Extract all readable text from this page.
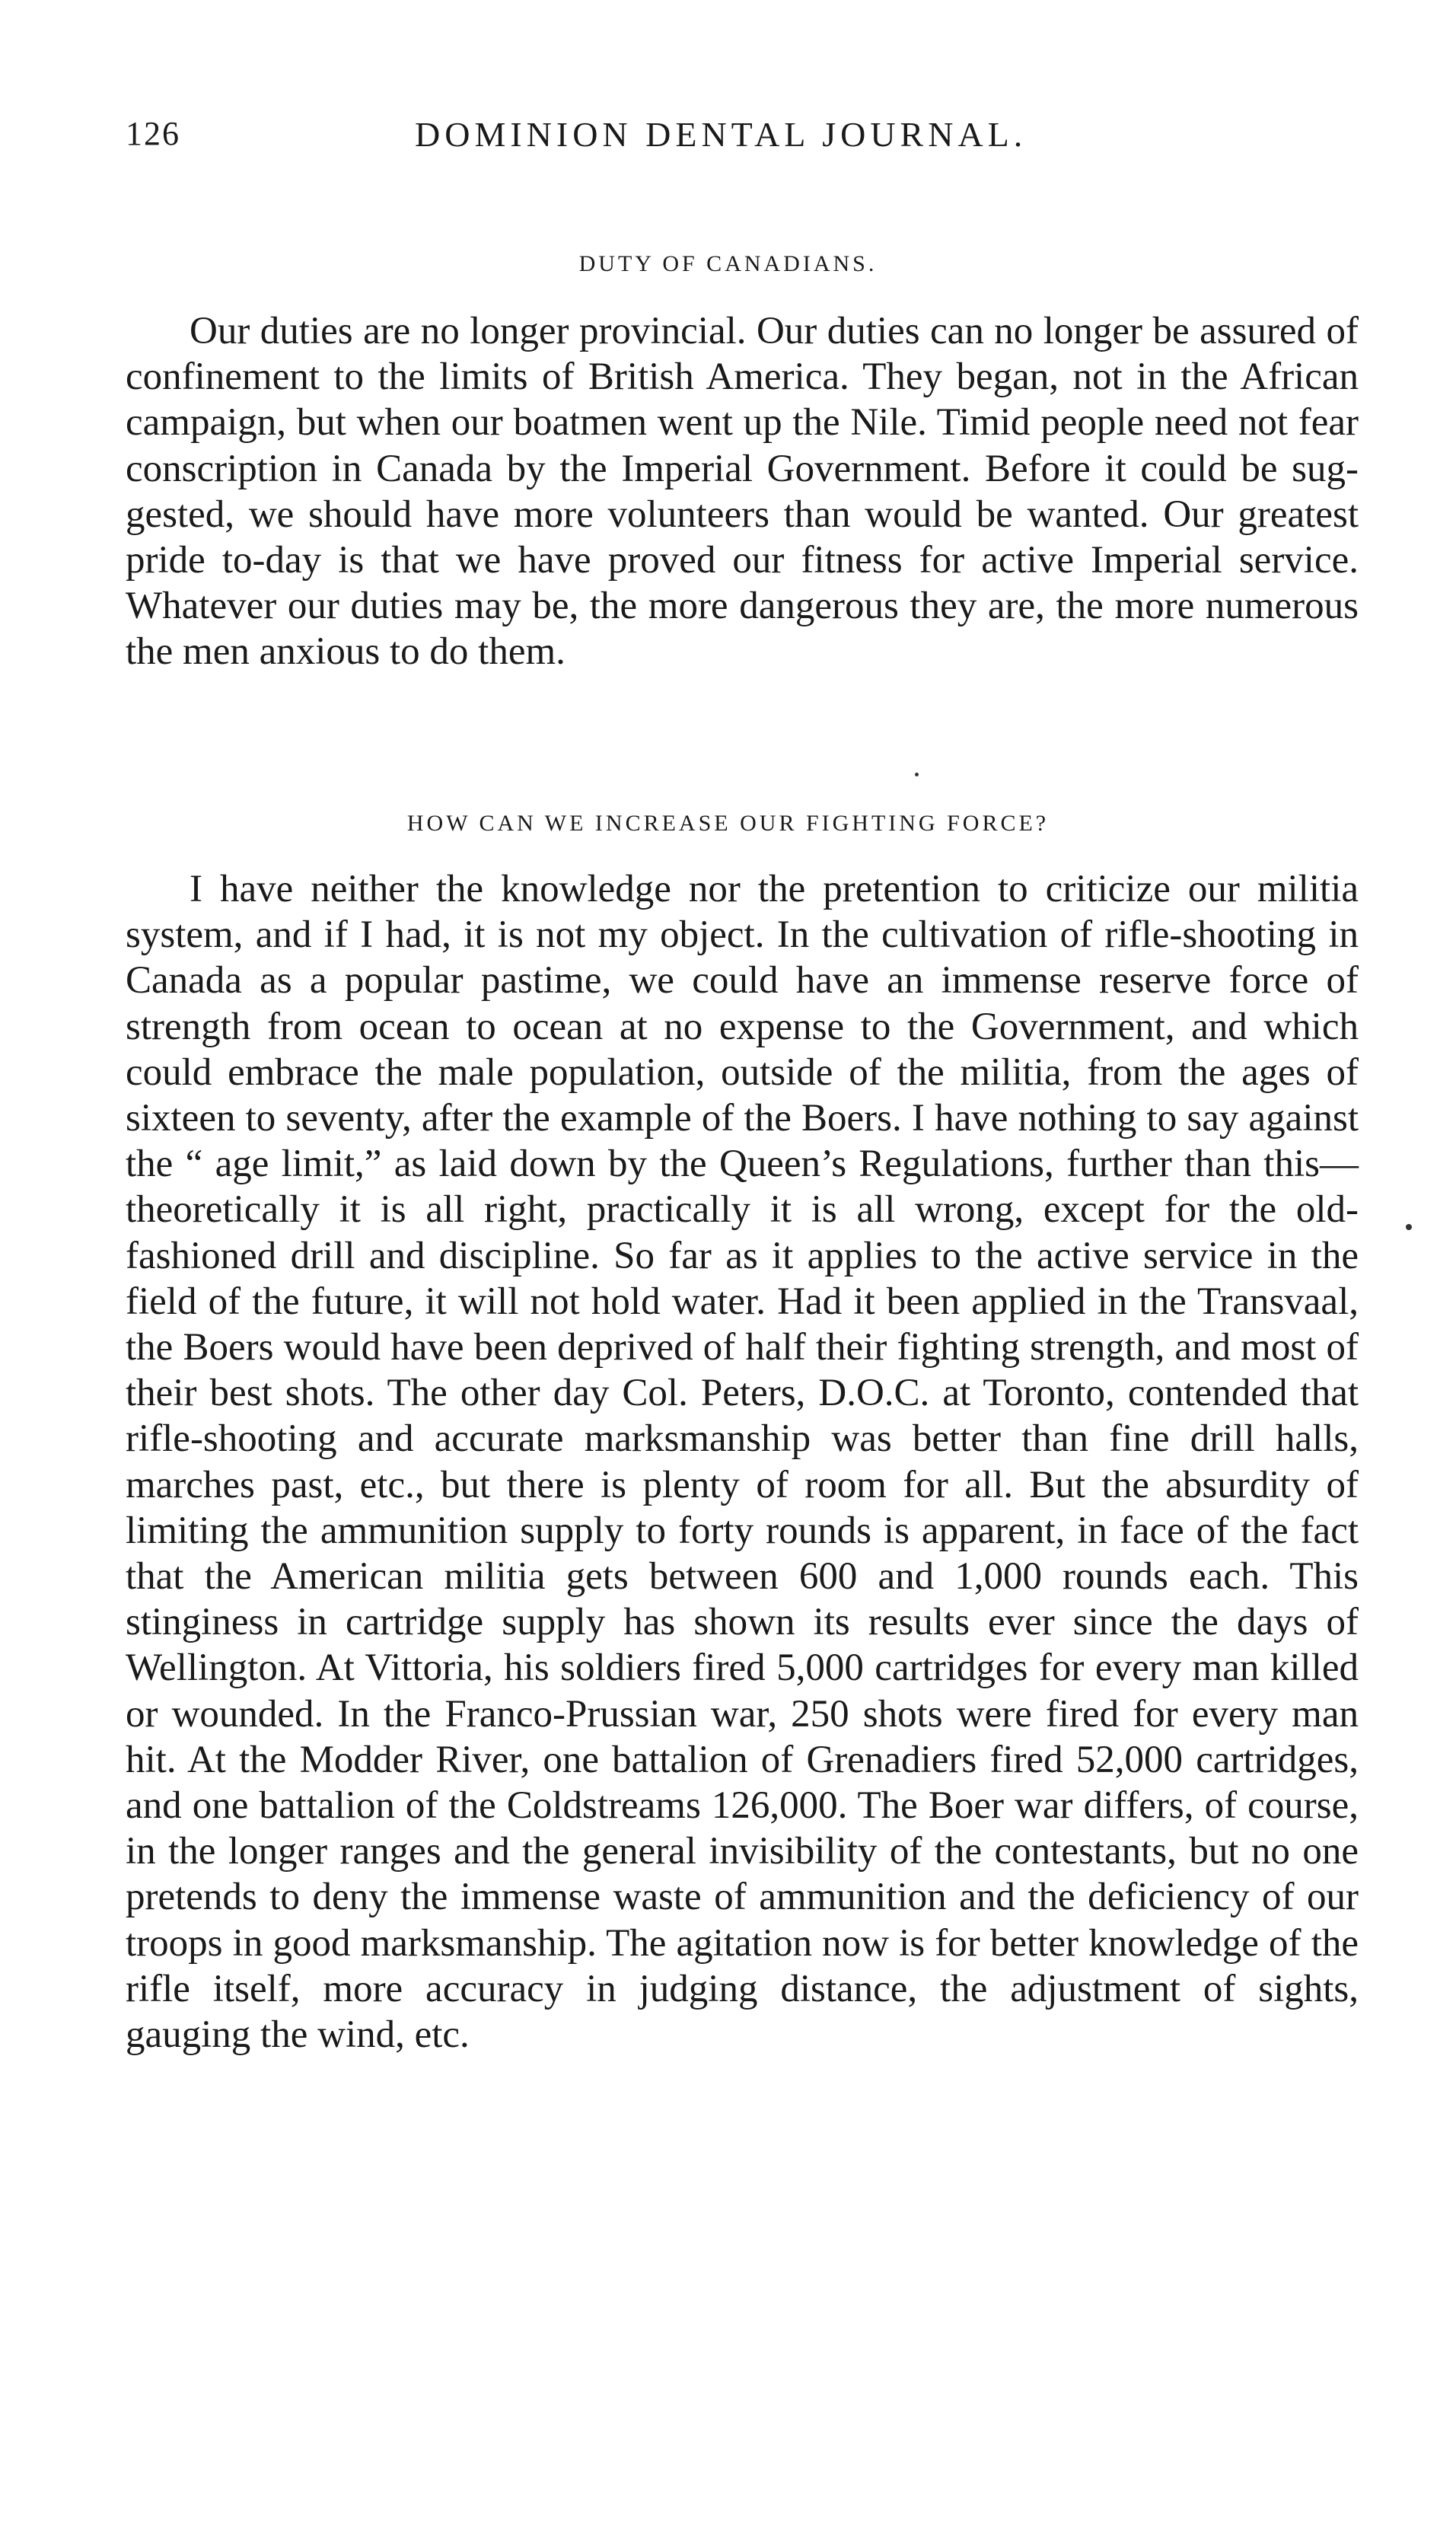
126	DOMINION DENTAL JOURNAL.
DUTY OF CANADIANS.

Our duties are no longer provincial. Our duties can no longer be assured of confinement to the limits of British America. They began, not in the African campaign, but when our boatmen went up the Nile. Timid people need not fear conscription in Canada by the Imperial Government. Before it could be suggested, we should have more volunteers than would be wanted. Our greatest pride to-day is that we have proved our fitness for active Imperial service. Whatever our duties may be, the more dangerous they are, the more numerous the men anxious to do them.

HOW CAN WE INCREASE OUR FIGHTING FORCE?

I have neither the knowledge nor the pretention to criticize our militia system, and if I had, it is not my object. In the cultivation of rifle-shooting in Canada as a popular pastime, we could have an immense reserve force of strength from ocean to ocean at no expense to the Government, and which could embrace the male population, outside of the militia, from the ages of sixteen to seventy, after the example of the Boers. I have nothing to say against the “ age limit,” as laid down by the Queen’s Regulations, further than this—theoretically it is all right, practically it is all wrong, except for the old-fashioned drill and discipline. So far as it applies to the active service in the field of the future, it will not hold water. Had it been applied in the Transvaal, the Boers would have been deprived of half their fighting strength, and most of their best shots. The other day Col. Peters, D.O.C. at Toronto, contended that rifle-shooting and accurate marksmanship was better than fine drill halls, marches past, etc., but there is plenty of room for all. But the absurdity of limiting the ammunition supply to forty rounds is apparent, in face of the fact that the American militia gets between 600 and 1,000 rounds each. This stinginess in cartridge supply has shown its results ever since the days of Wellington. At Vittoria, his soldiers fired 5,000 cartridges for every man killed or wounded. In the Franco-Prussian war, 250 shots were fired for every man hit. At the Modder River, one battalion of Grenadiers fired 52,000 cartridges, and one battalion of the Coldstreams 126,000. The Boer war differs, of course, in the longer ranges and the general invisibility of the contestants, but no one pretends to deny the immense waste of ammunition and the deficiency of our troops in good marksmanship. The agitation now is for better knowledge of the rifle itself, more accuracy in judging distance, the adjustment of sights, gauging the wind, etc.
